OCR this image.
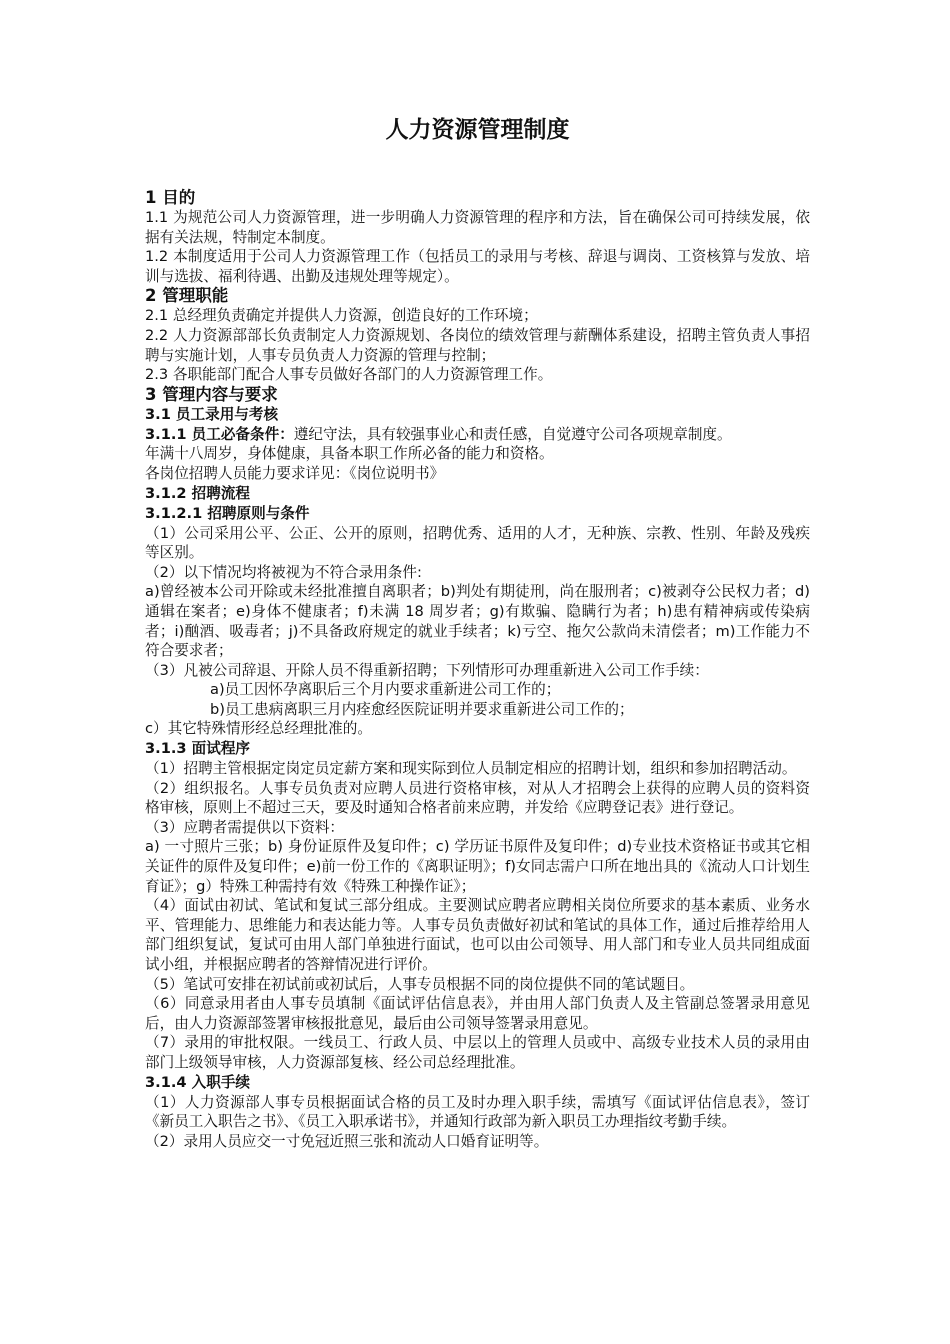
人力资源管理制度
1 目的
1.1 为规范公司人力资源管理，进一步明确人力资源管理的程序和方法，旨在确保公司可持续发展，依据有关法规，特制定本制度。
1.2 本制度适用于公司人力资源管理工作（包括员工的录用与考核、辞退与调岗、工资核算与发放、培训与选拔、福利待遇、出勤及违规处理等规定）。
2 管理职能
2.1 总经理负责确定并提供人力资源，创造良好的工作环境；
2.2 人力资源部部长负责制定人力资源规划、各岗位的绩效管理与薪酬体系建设，招聘主管负责人事招聘与实施计划，人事专员负责人力资源的管理与控制；
2.3 各职能部门配合人事专员做好各部门的人力资源管理工作。
3 管理内容与要求
3.1 员工录用与考核
3.1.1 员工必备条件：遵纪守法，具有较强事业心和责任感，自觉遵守公司各项规章制度。
年满十八周岁，身体健康，具备本职工作所必备的能力和资格。
各岗位招聘人员能力要求详见：《岗位说明书》
3.1.2 招聘流程
3.1.2.1 招聘原则与条件
（1）公司采用公平、公正、公开的原则，招聘优秀、适用的人才，无种族、宗教、性别、年龄及残疾等区别。
（2）以下情况均将被视为不符合录用条件:
a)曾经被本公司开除或未经批准擅自离职者；b)判处有期徒刑，尚在服刑者；c)被剥夺公民权力者；d)通辑在案者；e)身体不健康者；f)未满 18 周岁者；g)有欺骗、隐瞒行为者；h)患有精神病或传染病者；i)酗酒、吸毒者；j)不具备政府规定的就业手续者；k)亏空、拖欠公款尚未清偿者；m)工作能力不符合要求者；
（3）凡被公司辞退、开除人员不得重新招聘；下列情形可办理重新进入公司工作手续：
a)员工因怀孕离职后三个月内要求重新进公司工作的；
b)员工患病离职三月内痊愈经医院证明并要求重新进公司工作的；
c）其它特殊情形经总经理批准的。
3.1.3 面试程序
（1）招聘主管根据定岗定员定薪方案和现实际到位人员制定相应的招聘计划，组织和参加招聘活动。
（2）组织报名。人事专员负责对应聘人员进行资格审核，对从人才招聘会上获得的应聘人员的资料资格审核，原则上不超过三天，要及时通知合格者前来应聘，并发给《应聘登记表》进行登记。
（3）应聘者需提供以下资料：
a) 一寸照片三张；b) 身份证原件及复印件；c) 学历证书原件及复印件；d)专业技术资格证书或其它相关证件的原件及复印件；e)前一份工作的《离职证明》；f)女同志需户口所在地出具的《流动人口计划生育证》；g）特殊工种需持有效《特殊工种操作证》；
（4）面试由初试、笔试和复试三部分组成。主要测试应聘者应聘相关岗位所要求的基本素质、业务水平、管理能力、思维能力和表达能力等。人事专员负责做好初试和笔试的具体工作，通过后推荐给用人部门组织复试，复试可由用人部门单独进行面试，也可以由公司领导、用人部门和专业人员共同组成面试小组，并根据应聘者的答辩情况进行评价。
（5）笔试可安排在初试前或初试后，人事专员根据不同的岗位提供不同的笔试题目。
（6）同意录用者由人事专员填制《面试评估信息表》，并由用人部门负责人及主管副总签署录用意见后，由人力资源部签署审核报批意见，最后由公司领导签署录用意见。
（7）录用的审批权限。一线员工、行政人员、中层以上的管理人员或中、高级专业技术人员的录用由部门上级领导审核，人力资源部复核、经公司总经理批准。
3.1.4 入职手续
（1）人力资源部人事专员根据面试合格的员工及时办理入职手续，需填写《面试评估信息表》，签订《新员工入职告之书》、《员工入职承诺书》，并通知行政部为新入职员工办理指纹考勤手续。
（2）录用人员应交一寸免冠近照三张和流动人口婚育证明等。
